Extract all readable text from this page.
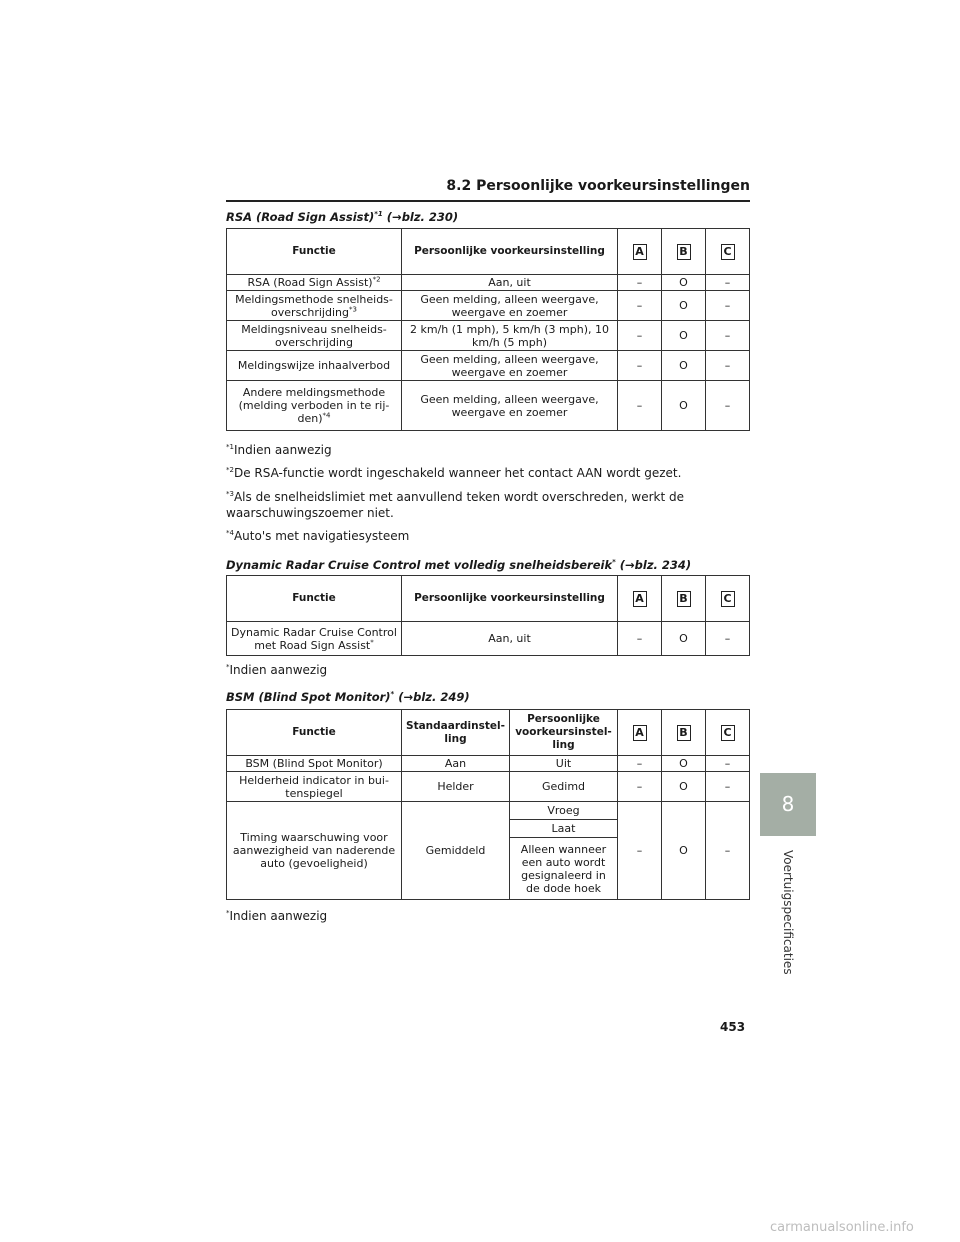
8.2 Persoonlijke voorkeursinstellingen
RSA (Road Sign Assist)$^{*1}$ (→blz. 230)
Functie	Persoonlijke voorkeursinstelling	A	B	C
RSA (Road Sign Assist)$^{*2}$	Aan, uit	–	O	–
Meldingsmethode snelheids-overschrijding$^{*3}$	Geen melding, alleen weergave, weergave en zoemer	–	O	–
Meldingsniveau snelheids-overschrijding	2 km/h (1 mph), 5 km/h (3 mph), 10 km/h (5 mph)	–	O	–
Meldingswijze inhaalverbod	Geen melding, alleen weergave, weergave en zoemer	–	O	–
Andere meldingsmethode (melding verboden in te rij-den)$^{*4}$	Geen melding, alleen weergave, weergave en zoemer	–	O	–
$^{*1}$Indien aanwezig
$^{*2}$De RSA-functie wordt ingeschakeld wanneer het contact AAN wordt gezet.
$^{*3}$Als de snelheidslimiet met aanvullend teken wordt overschreden, werkt de waarschuwingszoemer niet.
$^{*4}$Auto's met navigatiesysteem
Dynamic Radar Cruise Control met volledig snelheidsbereik* (→blz. 234)
Functie	Persoonlijke voorkeursinstelling	A	B	C
Dynamic Radar Cruise Control met Road Sign Assist*	Aan, uit	–	O	–
*Indien aanwezig
BSM (Blind Spot Monitor)* (→blz. 249)
Functie	Standaardinstel-ling	Persoonlijke voorkeursinstel-ling	A	B	C
BSM (Blind Spot Monitor)	Aan	Uit	–	O	–
Helderheid indicator in bui-tenspiegel	Helder	Gedimd	–	O	–
Timing waarschuwing voor aanwezigheid van naderende auto (gevoeligheid)	Gemiddeld	Vroeg	–	O	–
		Laat			
		Alleen wanneer een auto wordt gesignaleerd in de dode hoek			
*Indien aanwezig
8
Voertuigspecificaties
453
carmanualsonline.info
